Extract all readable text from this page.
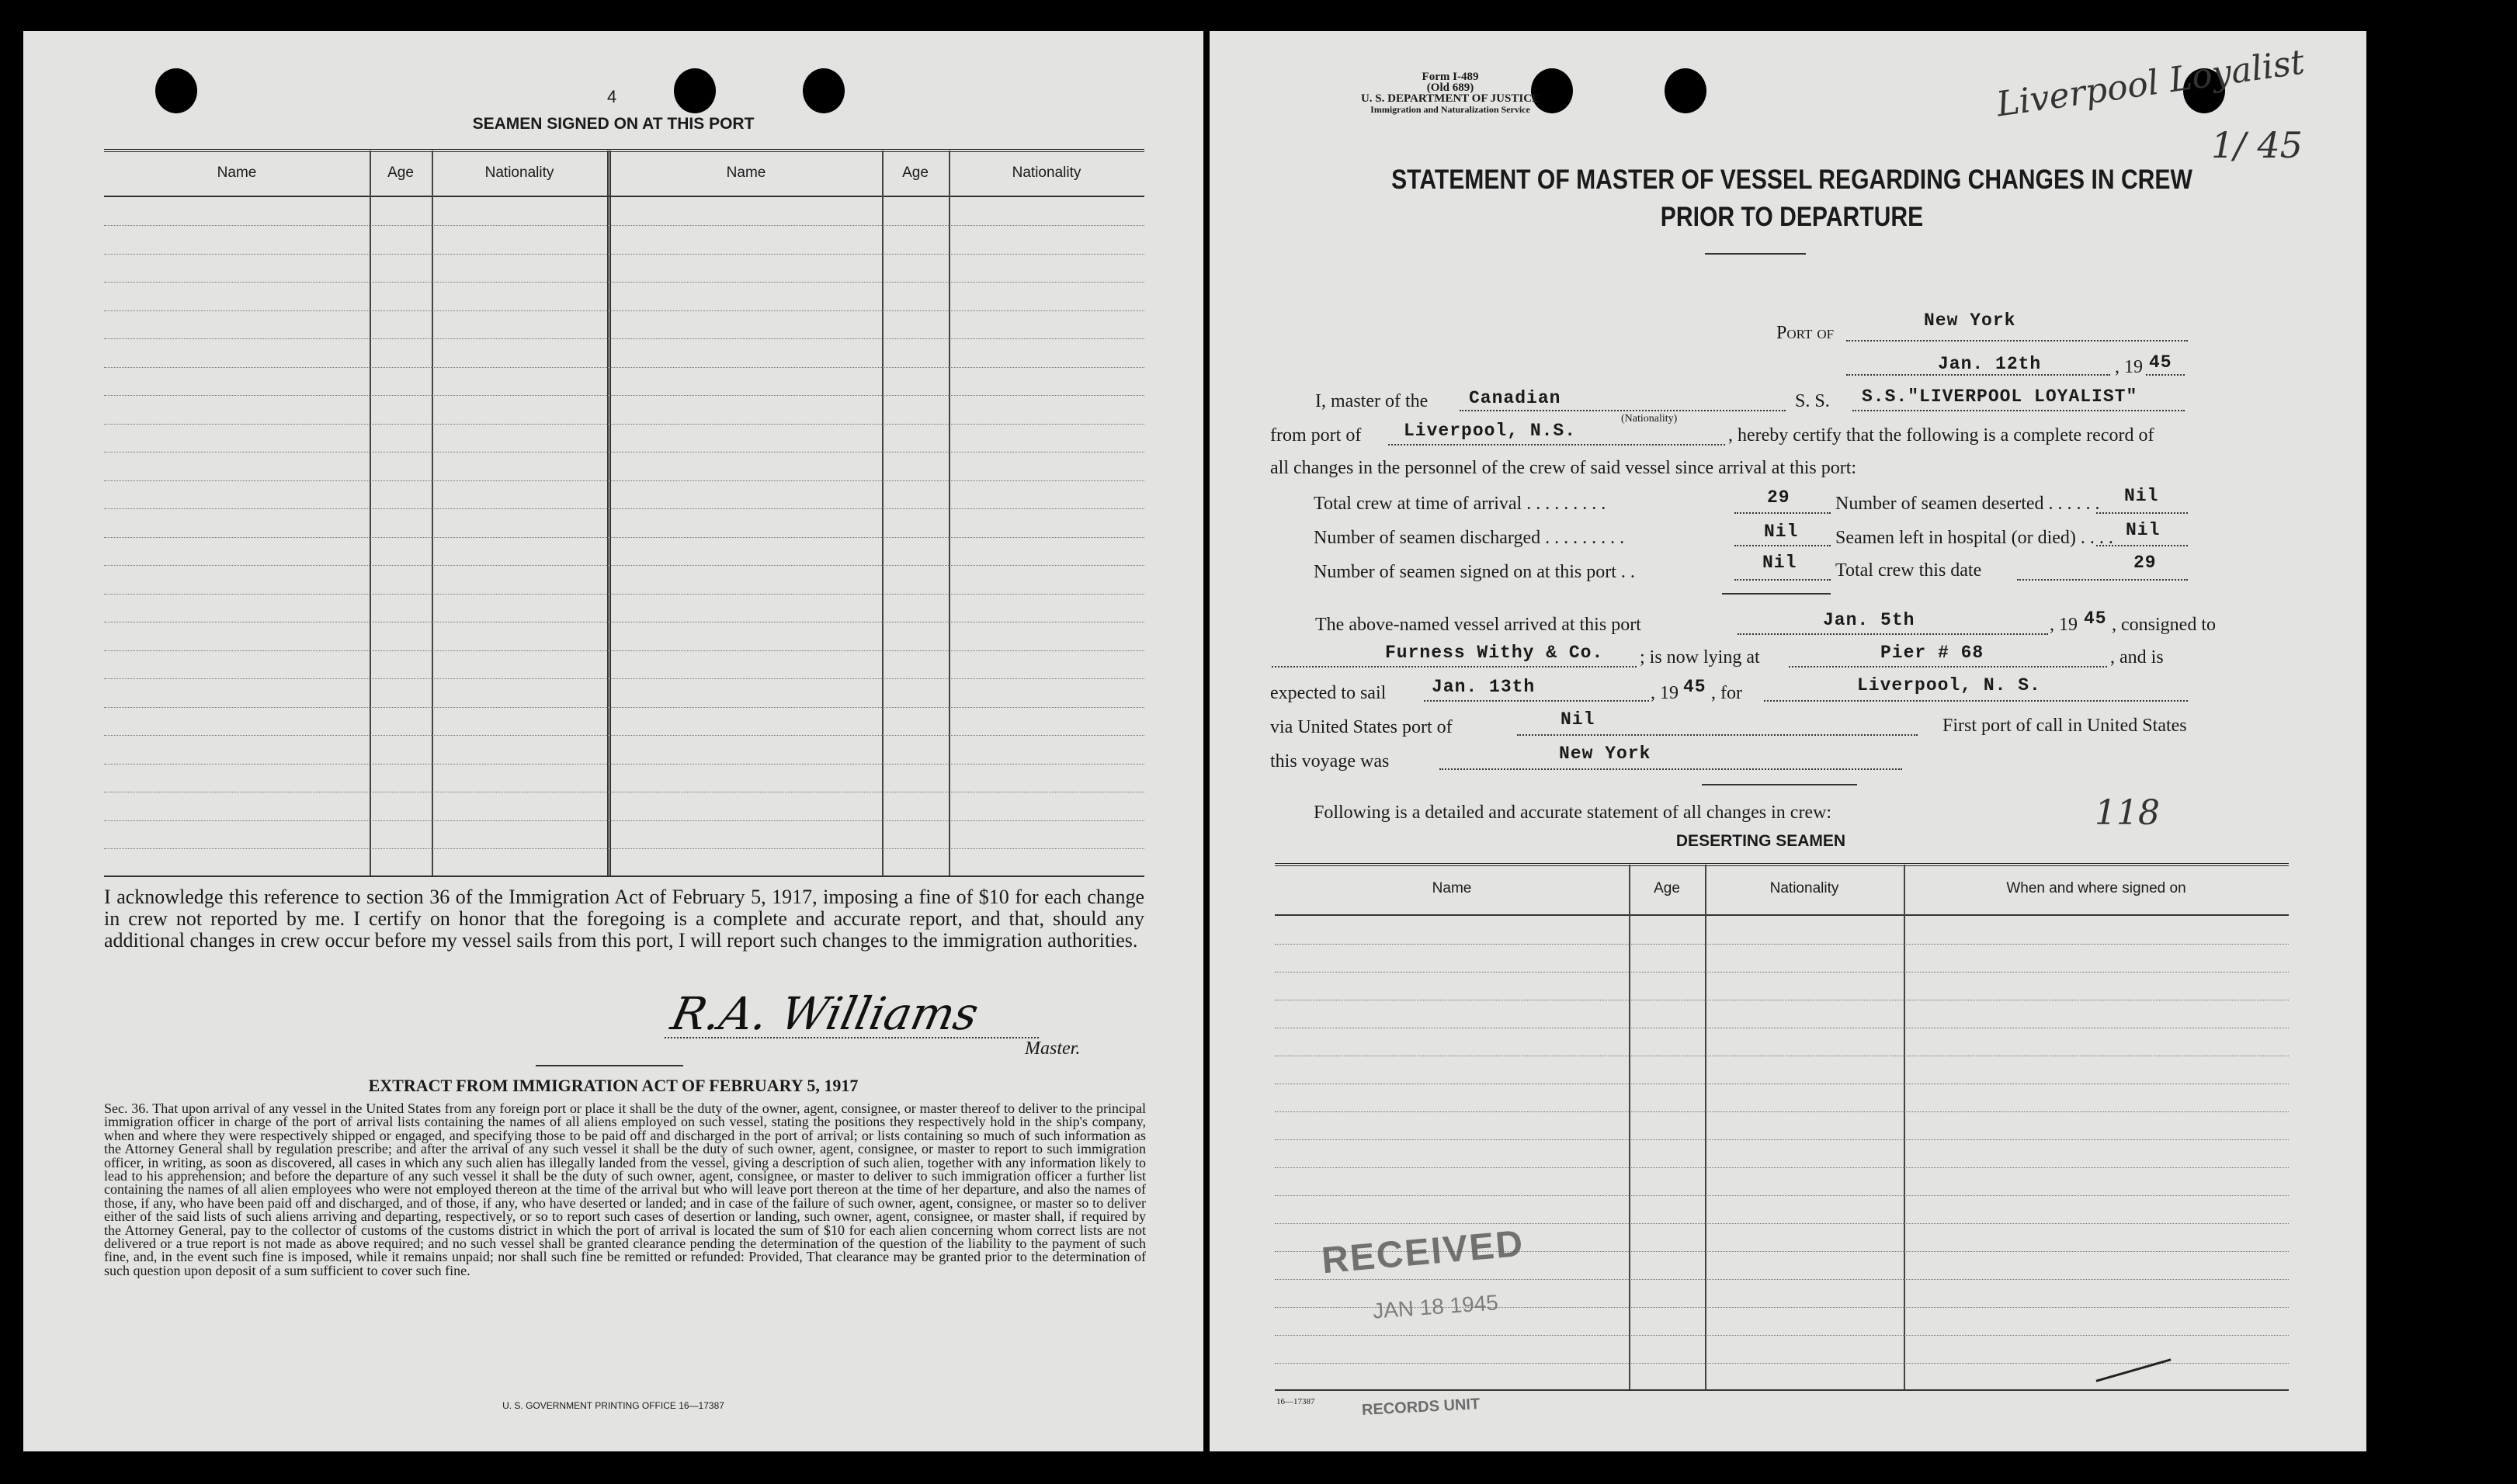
4
SEAMEN SIGNED ON AT THIS PORT
Name	Age	Nationality	Name	Age	Nationality
I acknowledge this reference to section 36 of the Immigration Act of February 5, 1917, imposing a fine of $10 for each change in crew not reported by me. I certify on honor that the foregoing is a complete and accurate report, and that, should any additional changes in crew occur before my vessel sails from this port, I will report such changes to the immigration authorities.
R.A. Williams
Master.
EXTRACT FROM IMMIGRATION ACT OF FEBRUARY 5, 1917
Sec. 36. That upon arrival of any vessel in the United States from any foreign port or place it shall be the duty of the owner, agent, consignee, or master thereof to deliver to the principal immigration officer in charge of the port of arrival lists containing the names of all aliens employed on such vessel, stating the positions they respectively hold in the ship's company, when and where they were respectively shipped or engaged, and specifying those to be paid off and discharged in the port of arrival; or lists containing so much of such information as the Attorney General shall by regulation prescribe; and after the arrival of any such vessel it shall be the duty of such owner, agent, consignee, or master to report to such immigration officer, in writing, as soon as discovered, all cases in which any such alien has illegally landed from the vessel, giving a description of such alien, together with any information likely to lead to his apprehension; and before the departure of any such vessel it shall be the duty of such owner, agent, consignee, or master to deliver to such immigration officer a further list containing the names of all alien employees who were not employed thereon at the time of the arrival but who will leave port thereon at the time of her departure, and also the names of those, if any, who have been paid off and discharged, and of those, if any, who have deserted or landed; and in case of the failure of such owner, agent, consignee, or master so to deliver either of the said lists of such aliens arriving and departing, respectively, or so to report such cases of desertion or landing, such owner, agent, consignee, or master shall, if required by the Attorney General, pay to the collector of customs of the customs district in which the port of arrival is located the sum of $10 for each alien concerning whom correct lists are not delivered or a true report is not made as above required; and no such vessel shall be granted clearance pending the determination of the question of the liability to the payment of such fine, and, in the event such fine is imposed, while it remains unpaid; nor shall such fine be remitted or refunded: Provided, That clearance may be granted prior to the determination of such question upon deposit of a sum sufficient to cover such fine.
U. S. GOVERNMENT PRINTING OFFICE 16—17387
Form I-489
(Old 689)
U. S. DEPARTMENT OF JUSTICE
Immigration and Naturalization Service	Liverpool Loyalist
1/ 45
STATEMENT OF MASTER OF VESSEL REGARDING CHANGES IN CREW
PRIOR TO DEPARTURE
Port of
New York
Jan. 12th	, 19 45
I, master of the Canadian
(Nationality)
S. S. S.S."LIVERPOOL LOYALIST"
from port of Liverpool, N.S.	, hereby certify that the following is a complete record of
all changes in the personnel of the crew of said vessel since arrival at this port:
Total crew at time of arrival . . . . . . . . .	29 Number of seamen deserted . . . . . . Nil
Number of seamen discharged . . . . . . . . .	Nil Seamen left in hospital (or died) . . . . Nil
Number of seamen signed on at this port . .	Nil Total crew this date	29
The above-named vessel arrived at this port	Jan. 5th	, 19 45 , consigned to
Furness Withy & Co. ; is now lying at	Pier # 68	, and is
expected to sail	Jan. 13th	, 19 45 , for	Liverpool, N. S.
via United States port of	Nil	First port of call in United States
this voyage was	New York
Following is a detailed and accurate statement of all changes in crew:	118
DESERTING SEAMEN
Name	Age	Nationality	When and where signed on
RECEIVED
JAN 18 1945
16—17387	RECORDS UNIT
